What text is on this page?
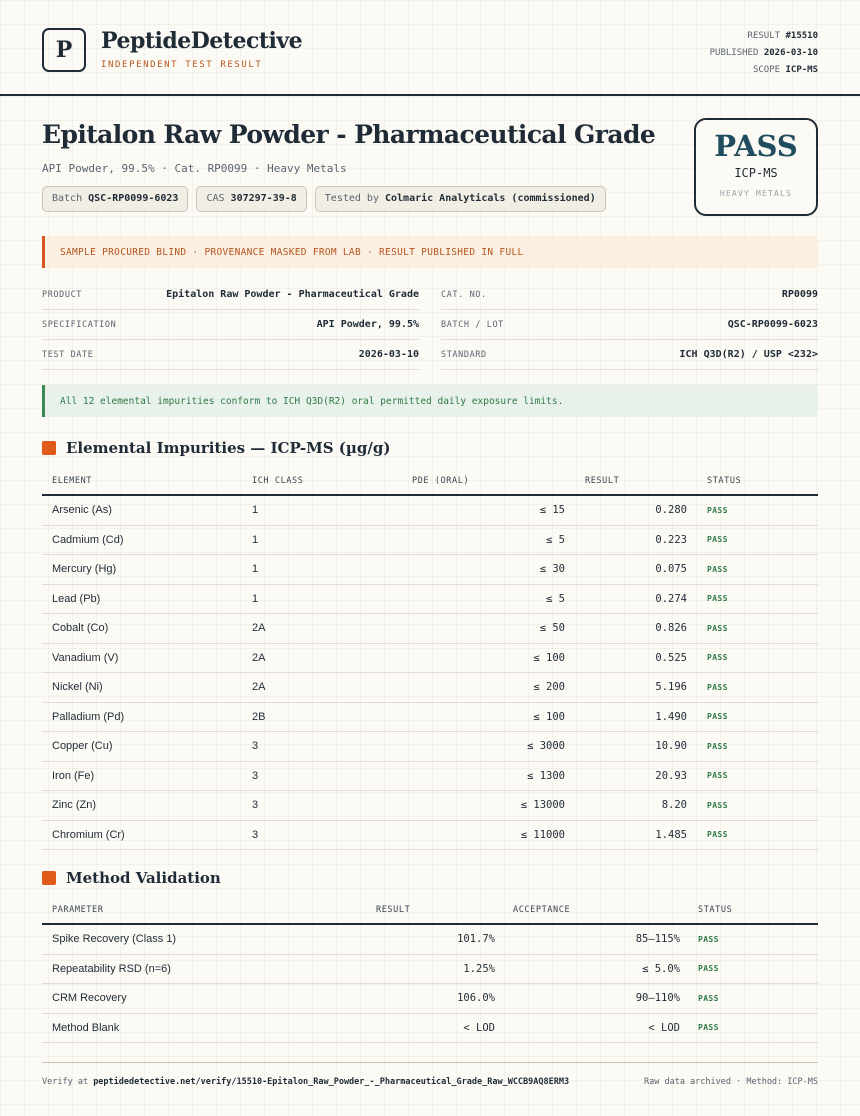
P	PeptideDetective
INDEPENDENT TEST RESULT
RESULT #15510
PUBLISHED 2026-03-10
SCOPE ICP-MS
Epitalon Raw Powder - Pharmaceutical Grade
API Powder, 99.5% · Cat. RP0099 · Heavy Metals
Batch QSC-RP0099-6023	CAS 307297-39-8	Tested by Colmaric Analyticals (commissioned)
PASS
ICP-MS
HEAVY METALS
SAMPLE PROCURED BLIND · PROVENANCE MASKED FROM LAB · RESULT PUBLISHED IN FULL
PRODUCT	Epitalon Raw Powder - Pharmaceutical Grade	CAT. NO.	RP0099
SPECIFICATION	API Powder, 99.5%	BATCH / LOT	QSC-RP0099-6023
TEST DATE	2026-03-10	STANDARD	ICH Q3D(R2) / USP <232>
All 12 elemental impurities conform to ICH Q3D(R2) oral permitted daily exposure limits.
Elemental Impurities — ICP-MS (µg/g)
ELEMENT	ICH CLASS	PDE (ORAL)	RESULT	STATUS
Arsenic (As)	1	≤ 15	0.280	PASS
Cadmium (Cd)	1	≤ 5	0.223	PASS
Mercury (Hg)	1	≤ 30	0.075	PASS
Lead (Pb)	1	≤ 5	0.274	PASS
Cobalt (Co)	2A	≤ 50	0.826	PASS
Vanadium (V)	2A	≤ 100	0.525	PASS
Nickel (Ni)	2A	≤ 200	5.196	PASS
Palladium (Pd)	2B	≤ 100	1.490	PASS
Copper (Cu)	3	≤ 3000	10.90	PASS
Iron (Fe)	3	≤ 1300	20.93	PASS
Zinc (Zn)	3	≤ 13000	8.20	PASS
Chromium (Cr)	3	≤ 11000	1.485	PASS
Method Validation
PARAMETER	RESULT	ACCEPTANCE	STATUS
Spike Recovery (Class 1)	101.7%	85–115%	PASS
Repeatability RSD (n=6)	1.25%	≤ 5.0%	PASS
CRM Recovery	106.0%	90–110%	PASS
Method Blank	< LOD	< LOD	PASS
Verify at peptidedetective.net/verify/15510-Epitalon_Raw_Powder_-_Pharmaceutical_Grade_Raw_WCCB9AQ8ERM3	Raw data archived · Method: ICP-MS
